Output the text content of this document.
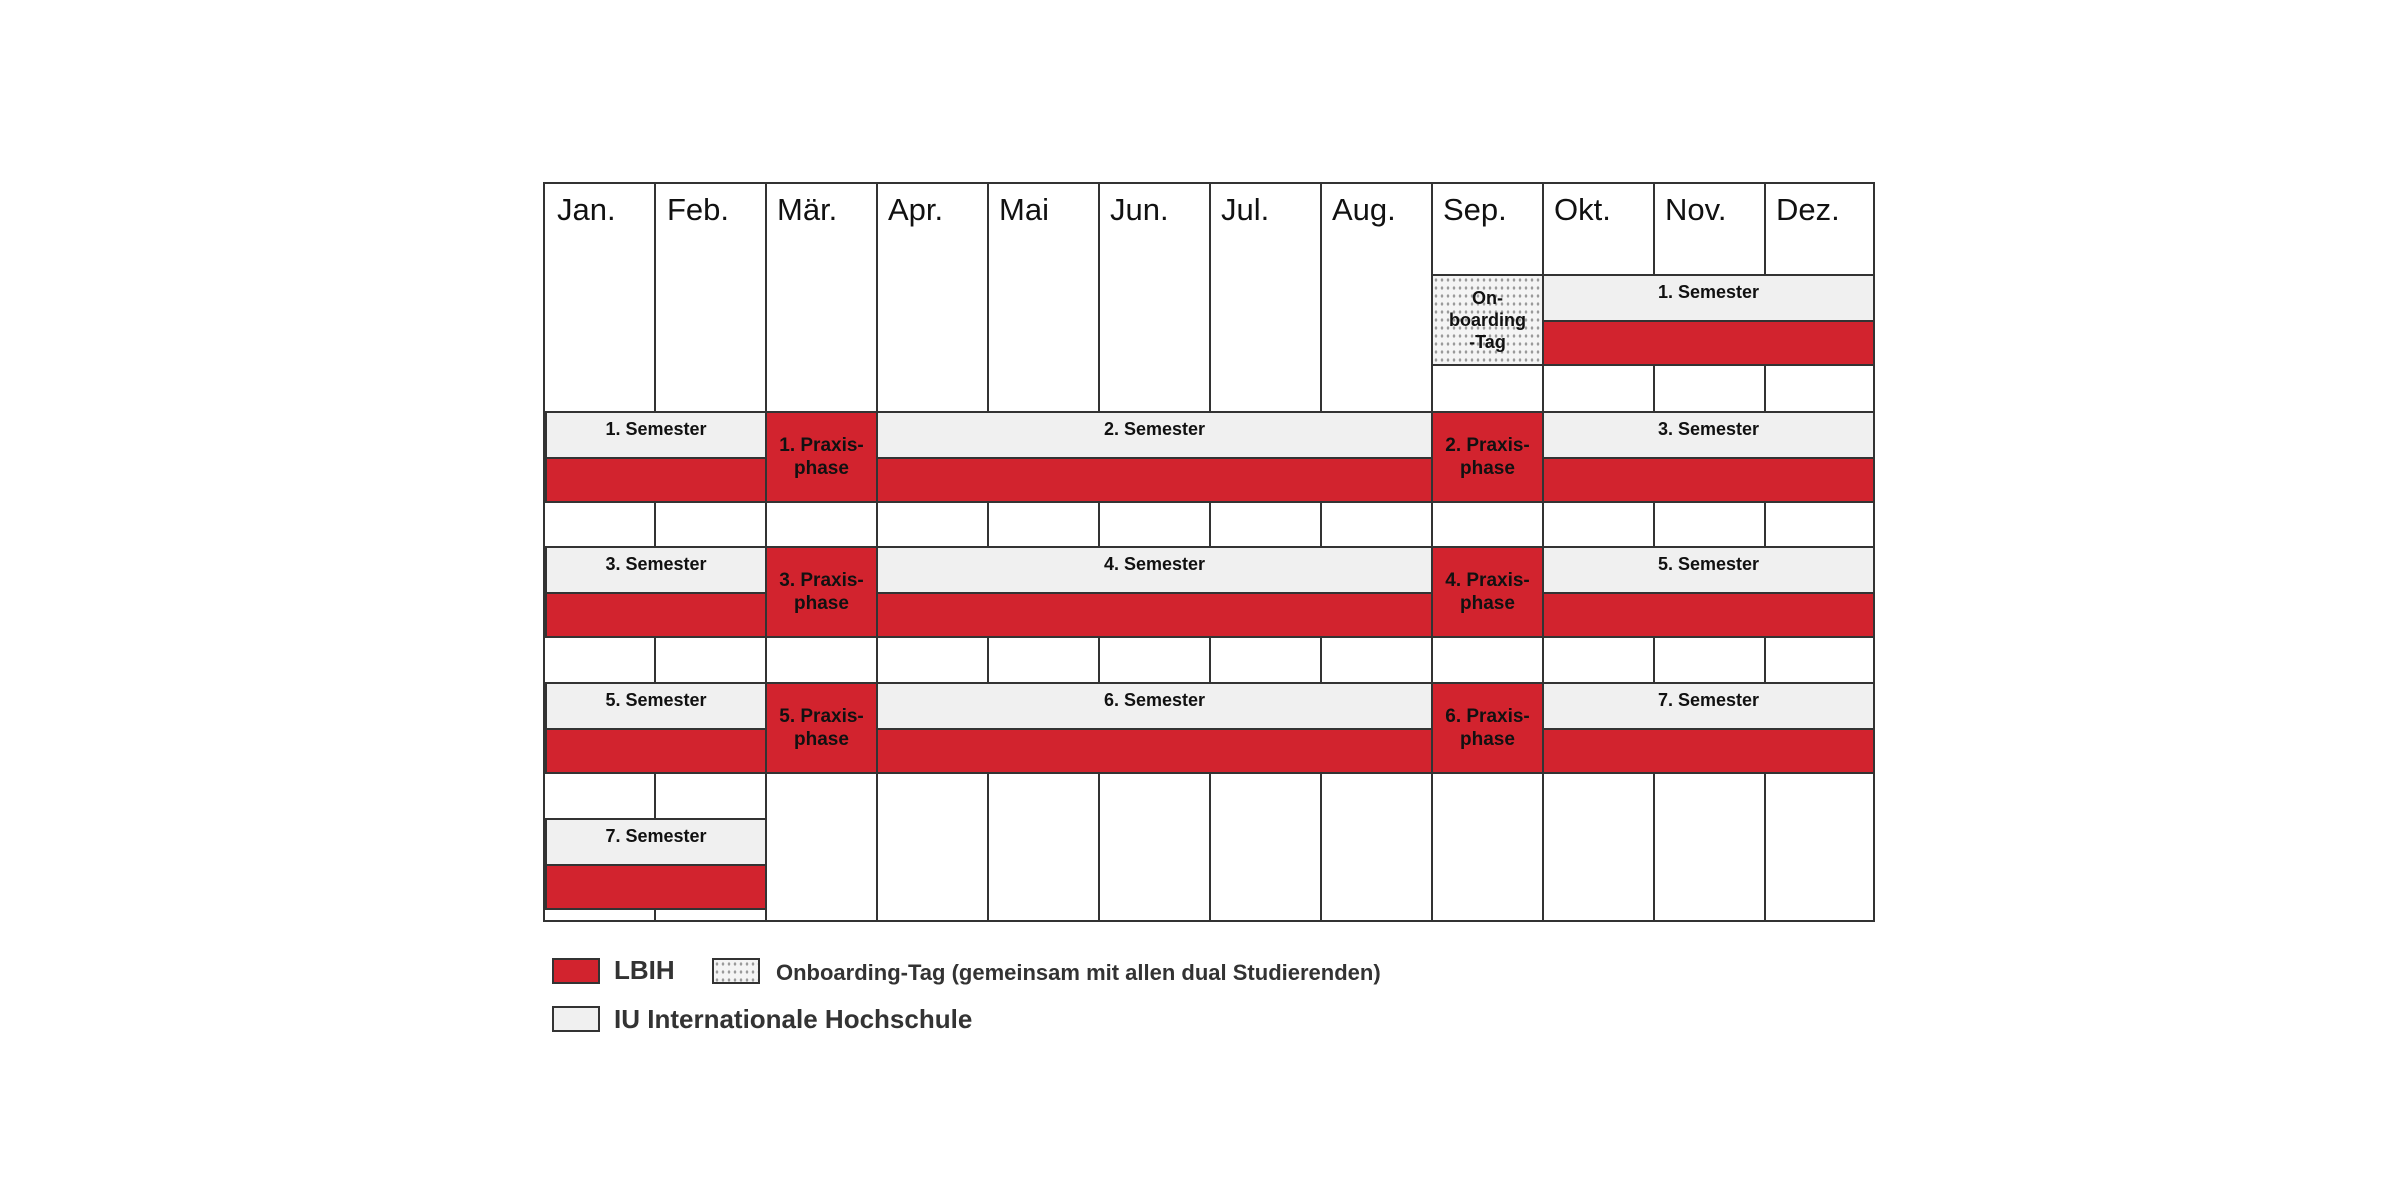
Jan. Feb. Mär. Apr. Mai Jun. Jul. Aug. Sep. Okt. Nov. Dez.
On-
boarding
-Tag
1. Semester
1. Semester
1. Praxis-
phase
2. Semester
2. Praxis-
phase
3. Semester
3. Semester
3. Praxis-
phase
4. Semester
4. Praxis-
phase
5. Semester
5. Semester
5. Praxis-
phase
6. Semester
6. Praxis-
phase
7. Semester
7. Semester
LBIH	Onboarding-Tag (gemeinsam mit allen dual Studierenden)
IU Internationale Hochschule
